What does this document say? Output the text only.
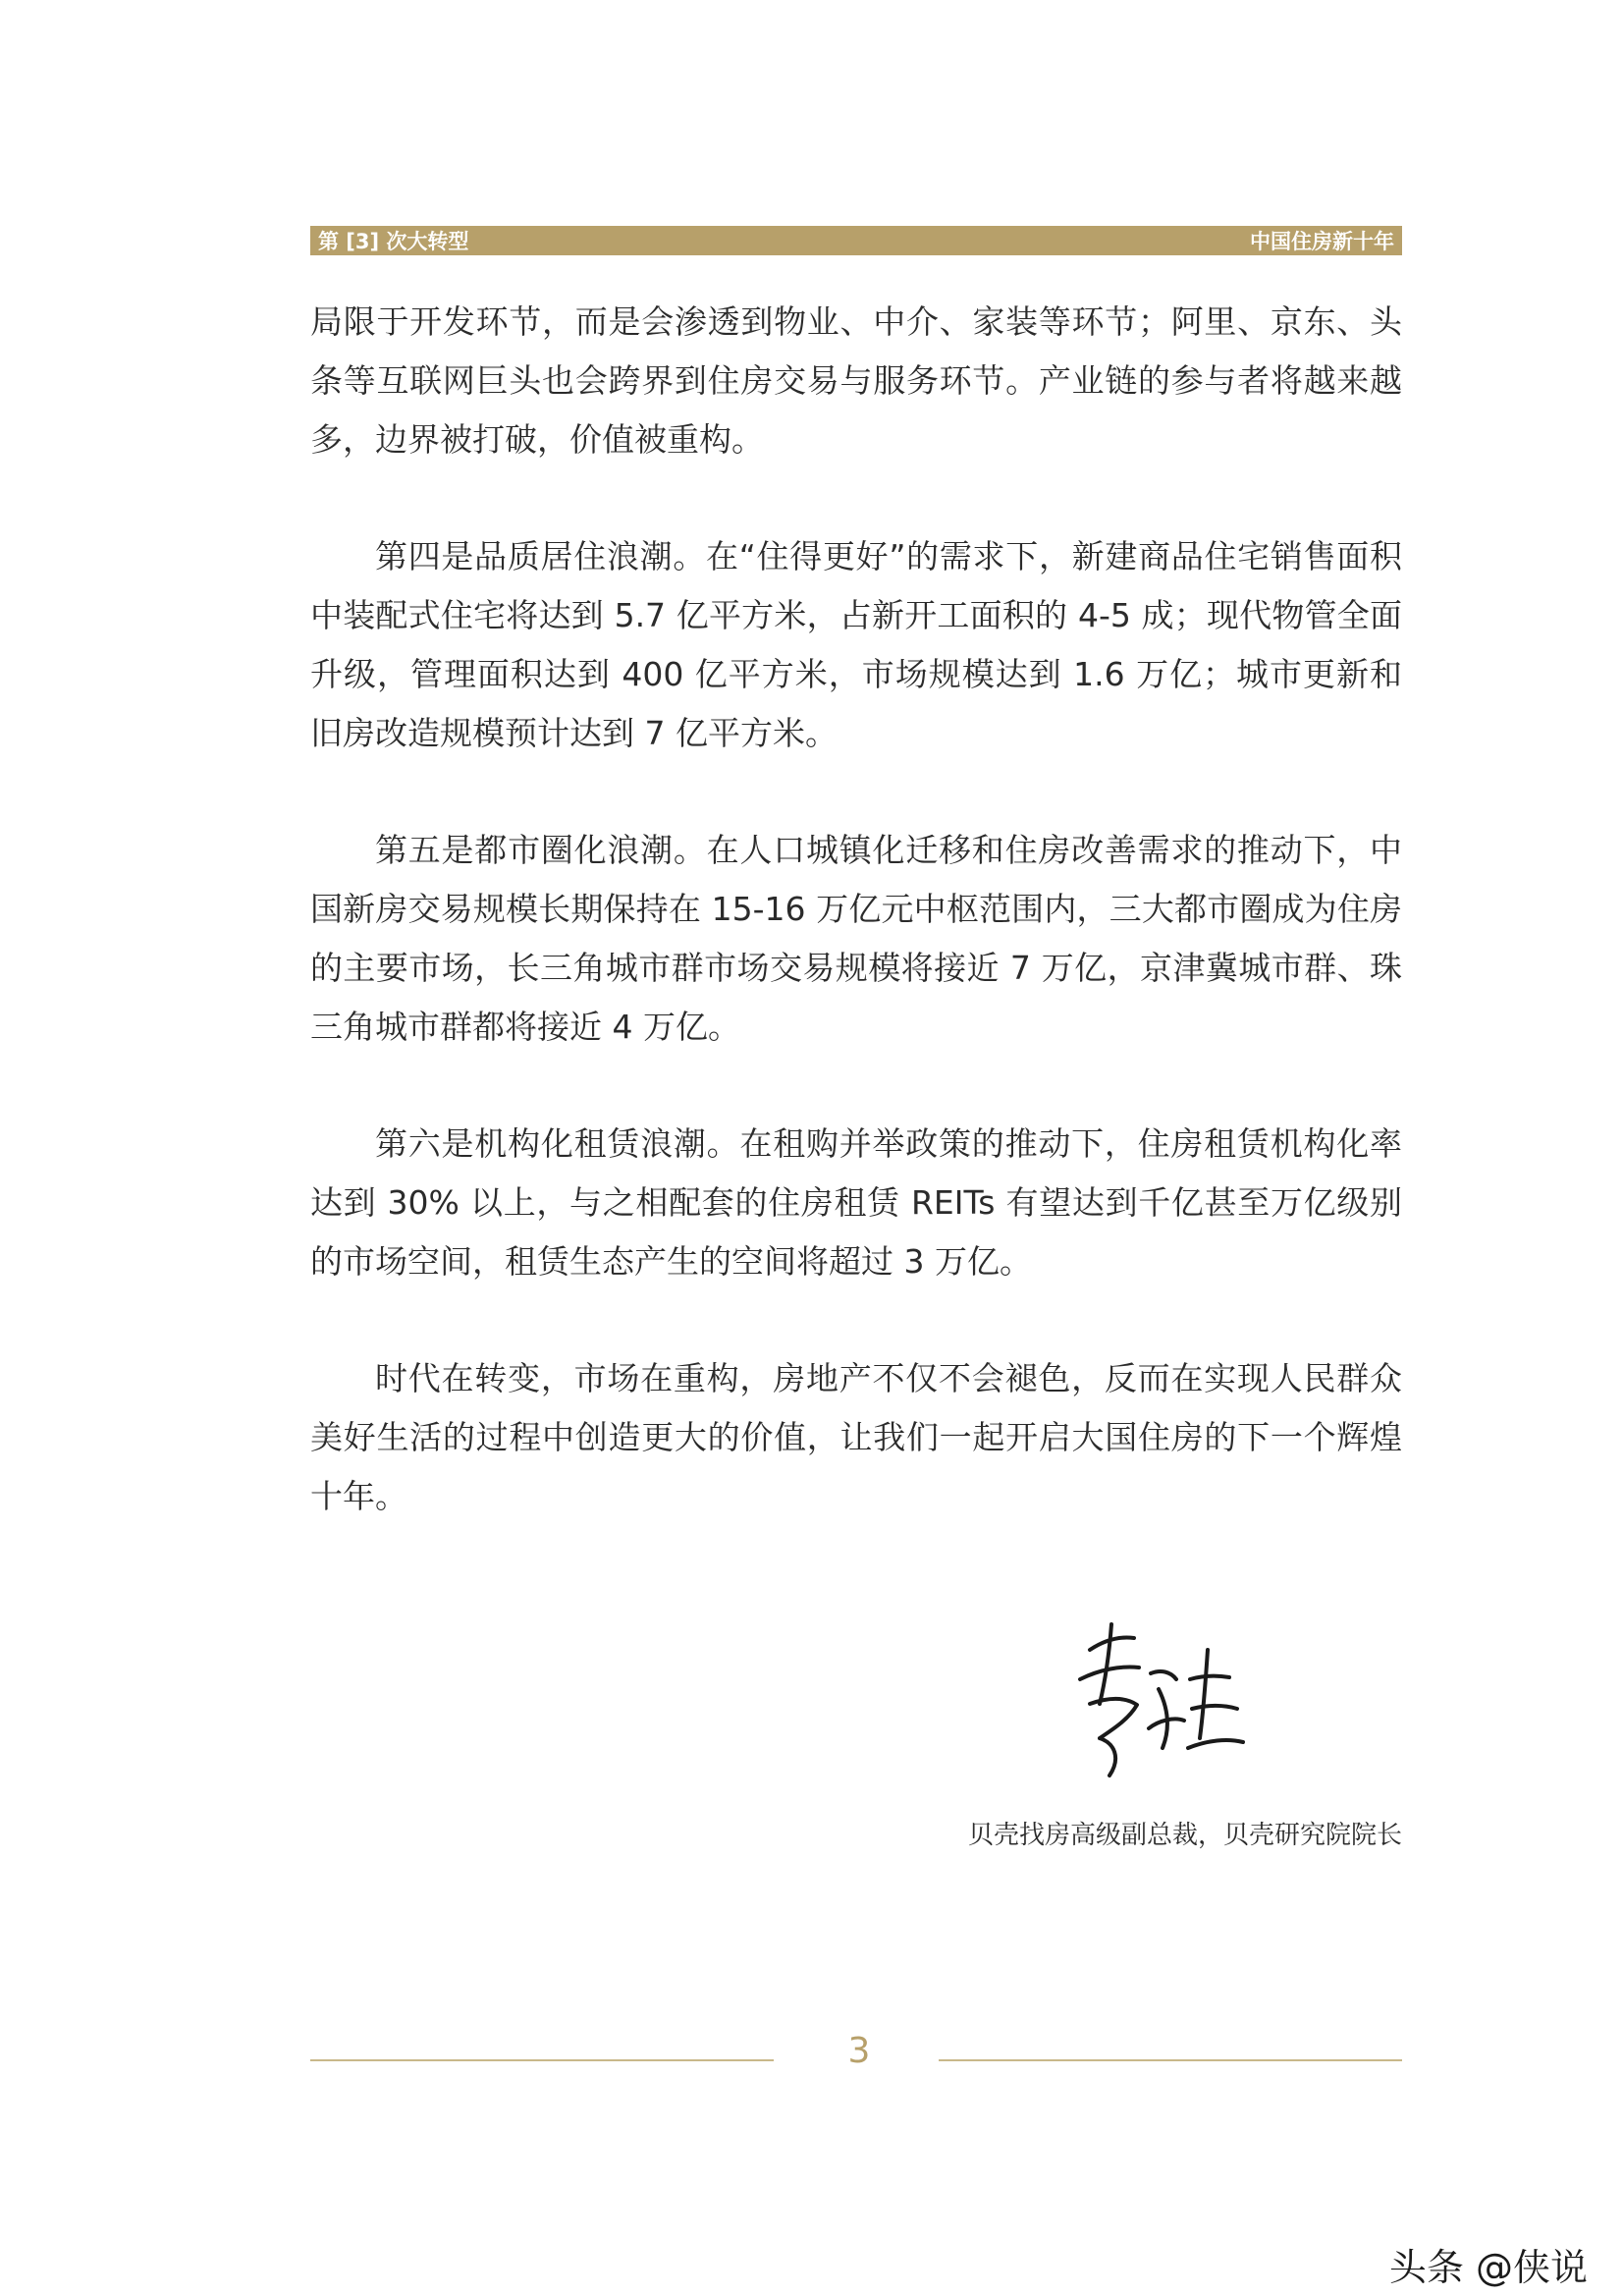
第 [3] 次大转型	中国住房新十年

局限于开发环节，而是会渗透到物业、中介、家装等环节；阿里、京东、头条等互联网巨头也会跨界到住房交易与服务环节。产业链的参与者将越来越多，边界被打破，价值被重构。

第四是品质居住浪潮。在“住得更好”的需求下，新建商品住宅销售面积中装配式住宅将达到 5.7 亿平方米，占新开工面积的 4-5 成；现代物管全面升级，管理面积达到 400 亿平方米，市场规模达到 1.6 万亿；城市更新和旧房改造规模预计达到 7 亿平方米。

第五是都市圈化浪潮。在人口城镇化迁移和住房改善需求的推动下，中国新房交易规模长期保持在 15-16 万亿元中枢范围内，三大都市圈成为住房的主要市场，长三角城市群市场交易规模将接近 7 万亿，京津冀城市群、珠三角城市群都将接近 4 万亿。

第六是机构化租赁浪潮。在租购并举政策的推动下，住房租赁机构化率达到 30% 以上，与之相配套的住房租赁 REITs 有望达到千亿甚至万亿级别的市场空间，租赁生态产生的空间将超过 3 万亿。

时代在转变，市场在重构，房地产不仅不会褪色，反而在实现人民群众美好生活的过程中创造更大的价值，让我们一起开启大国住房的下一个辉煌十年。

贝壳找房高级副总裁，贝壳研究院院长
3
头条 @侠说
